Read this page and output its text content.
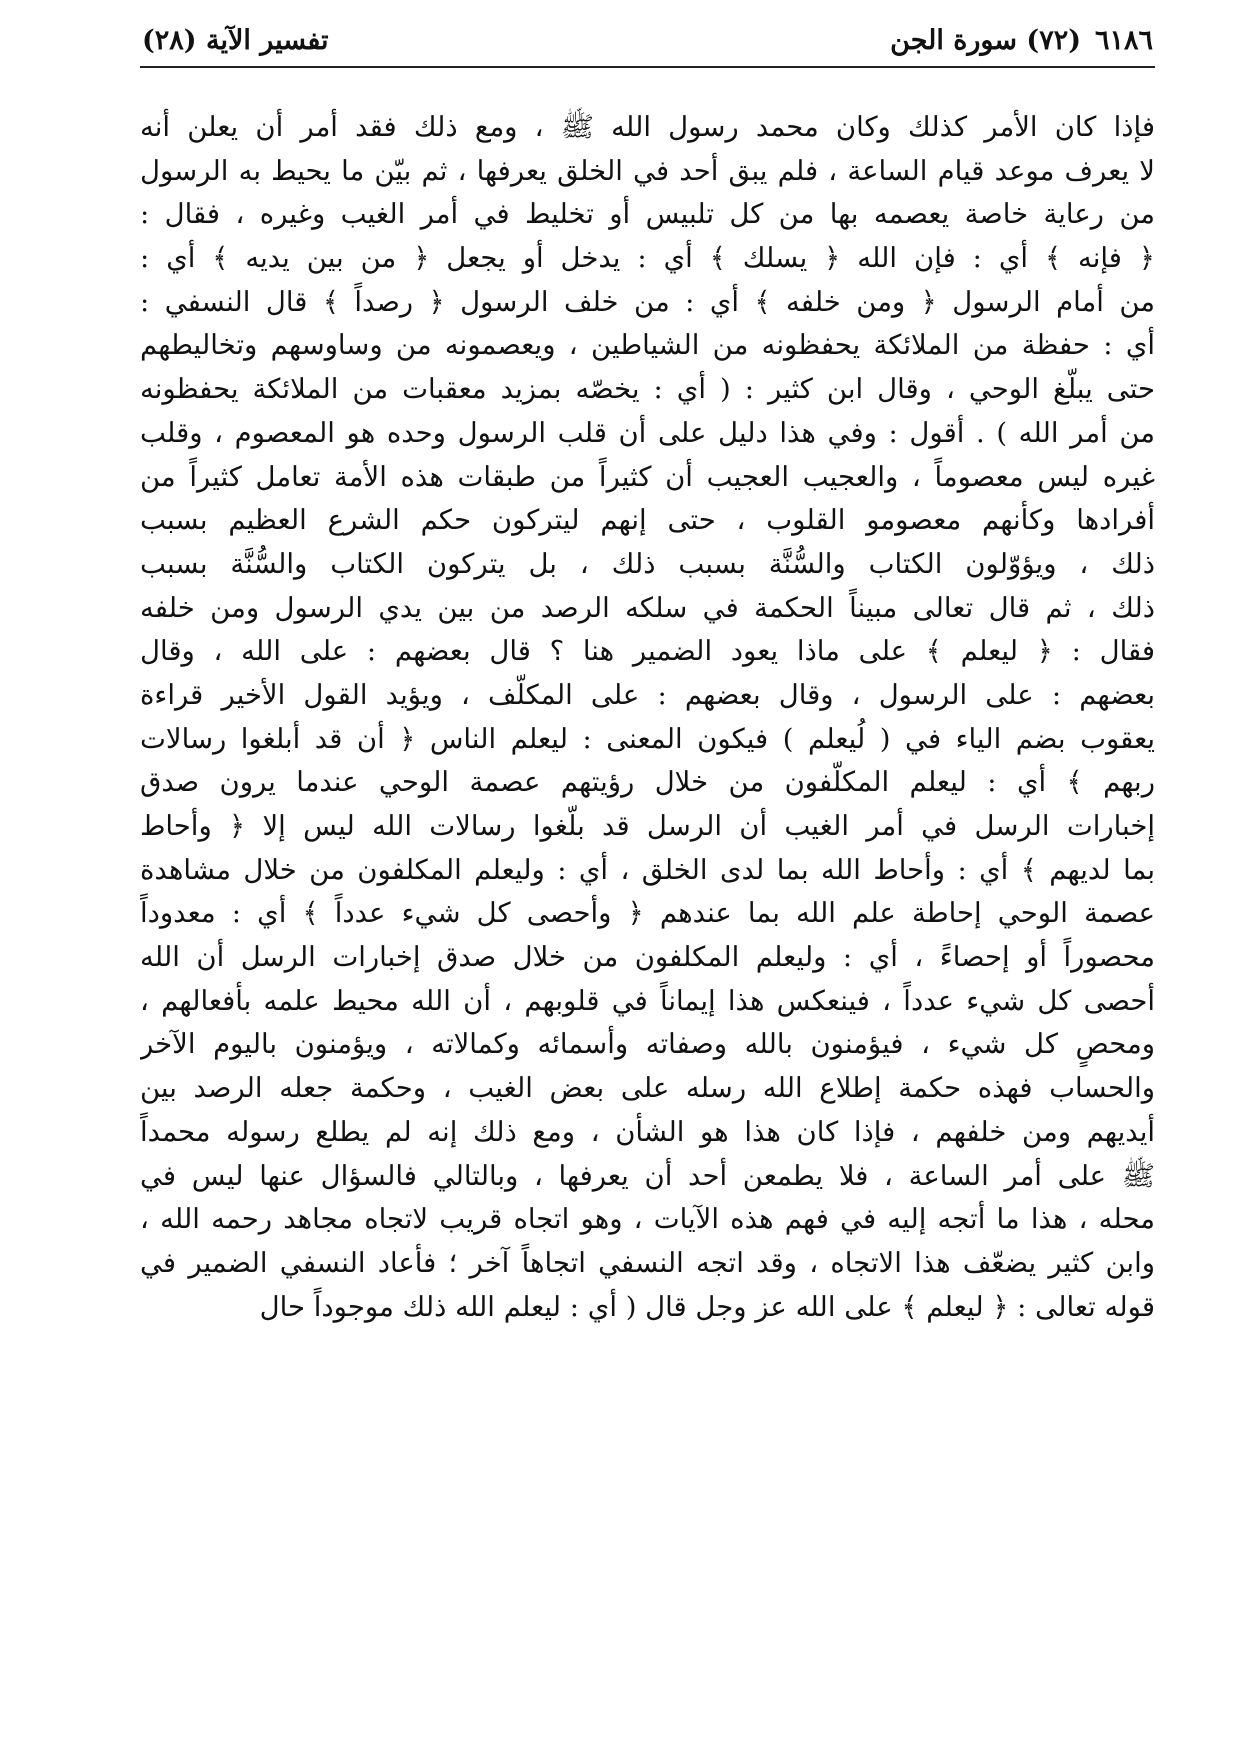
٦١٨٦
(٧٢) سورة الجن
تفسير الآية (٢٨)
فإذا كان الأمر كذلك وكان محمد رسول الله ﷺ ، ومع ذلك فقد أمر أن يعلن أنه
لا يعرف موعد قيام الساعة ، فلم يبق أحد في الخلق يعرفها ، ثم بيّن ما يحيط به الرسول
من رعاية خاصة يعصمه بها من كل تلبيس أو تخليط في أمر الغيب وغيره ، فقال :
﴿ فإنه ﴾ أي : فإن الله ﴿ يسلك ﴾ أي : يدخل أو يجعل ﴿ من بين يديه ﴾ أي :
من أمام الرسول ﴿ ومن خلفه ﴾ أي : من خلف الرسول ﴿ رصداً ﴾ قال النسفي :
أي : حفظة من الملائكة يحفظونه من الشياطين ، ويعصمونه من وساوسهم وتخاليطهم
حتى يبلّغ الوحي ، وقال ابن كثير : ( أي : يخصّه بمزيد معقبات من الملائكة يحفظونه
من أمر الله ) . أقول : وفي هذا دليل على أن قلب الرسول وحده هو المعصوم ، وقلب
غيره ليس معصوماً ، والعجيب العجيب أن كثيراً من طبقات هذه الأمة تعامل كثيراً من
أفرادها وكأنهم معصومو القلوب ، حتى إنهم ليتركون حكم الشرع العظيم بسبب
ذلك ، ويؤوّلون الكتاب والسُّنَّة بسبب ذلك ، بل يتركون الكتاب والسُّنَّة بسبب
ذلك ، ثم قال تعالى مبيناً الحكمة في سلكه الرصد من بين يدي الرسول ومن خلفه
فقال : ﴿ ليعلم ﴾ على ماذا يعود الضمير هنا ؟ قال بعضهم : على الله ، وقال
بعضهم : على الرسول ، وقال بعضهم : على المكلّف ، ويؤيد القول الأخير قراءة
يعقوب بضم الياء في ( لُيعلم ) فيكون المعنى : ليعلم الناس ﴿ أن قد أبلغوا رسالات
ربهم ﴾ أي : ليعلم المكلّفون من خلال رؤيتهم عصمة الوحي عندما يرون صدق
إخبارات الرسل في أمر الغيب أن الرسل قد بلّغوا رسالات الله ليس إلا ﴿ وأحاط
بما لديهم ﴾ أي : وأحاط الله بما لدى الخلق ، أي : وليعلم المكلفون من خلال مشاهدة
عصمة الوحي إحاطة علم الله بما عندهم ﴿ وأحصى كل شيء عدداً ﴾ أي : معدوداً
محصوراً أو إحصاءً ، أي : وليعلم المكلفون من خلال صدق إخبارات الرسل أن الله
أحصى كل شيء عدداً ، فينعكس هذا إيماناً في قلوبهم ، أن الله محيط علمه بأفعالهم ،
ومحصٍ كل شيء ، فيؤمنون بالله وصفاته وأسمائه وكمالاته ، ويؤمنون باليوم الآخر
والحساب فهذه حكمة إطلاع الله رسله على بعض الغيب ، وحكمة جعله الرصد بين
أيديهم ومن خلفهم ، فإذا كان هذا هو الشأن ، ومع ذلك إنه لم يطلع رسوله محمداً
ﷺ على أمر الساعة ، فلا يطمعن أحد أن يعرفها ، وبالتالي فالسؤال عنها ليس في
محله ، هذا ما أتجه إليه في فهم هذه الآيات ، وهو اتجاه قريب لاتجاه مجاهد رحمه الله ،
وابن كثير يضعّف هذا الاتجاه ، وقد اتجه النسفي اتجاهاً آخر ؛ فأعاد النسفي الضمير في
قوله تعالى : ﴿ ليعلم ﴾ على الله عز وجل قال ( أي : ليعلم الله ذلك موجوداً حال
